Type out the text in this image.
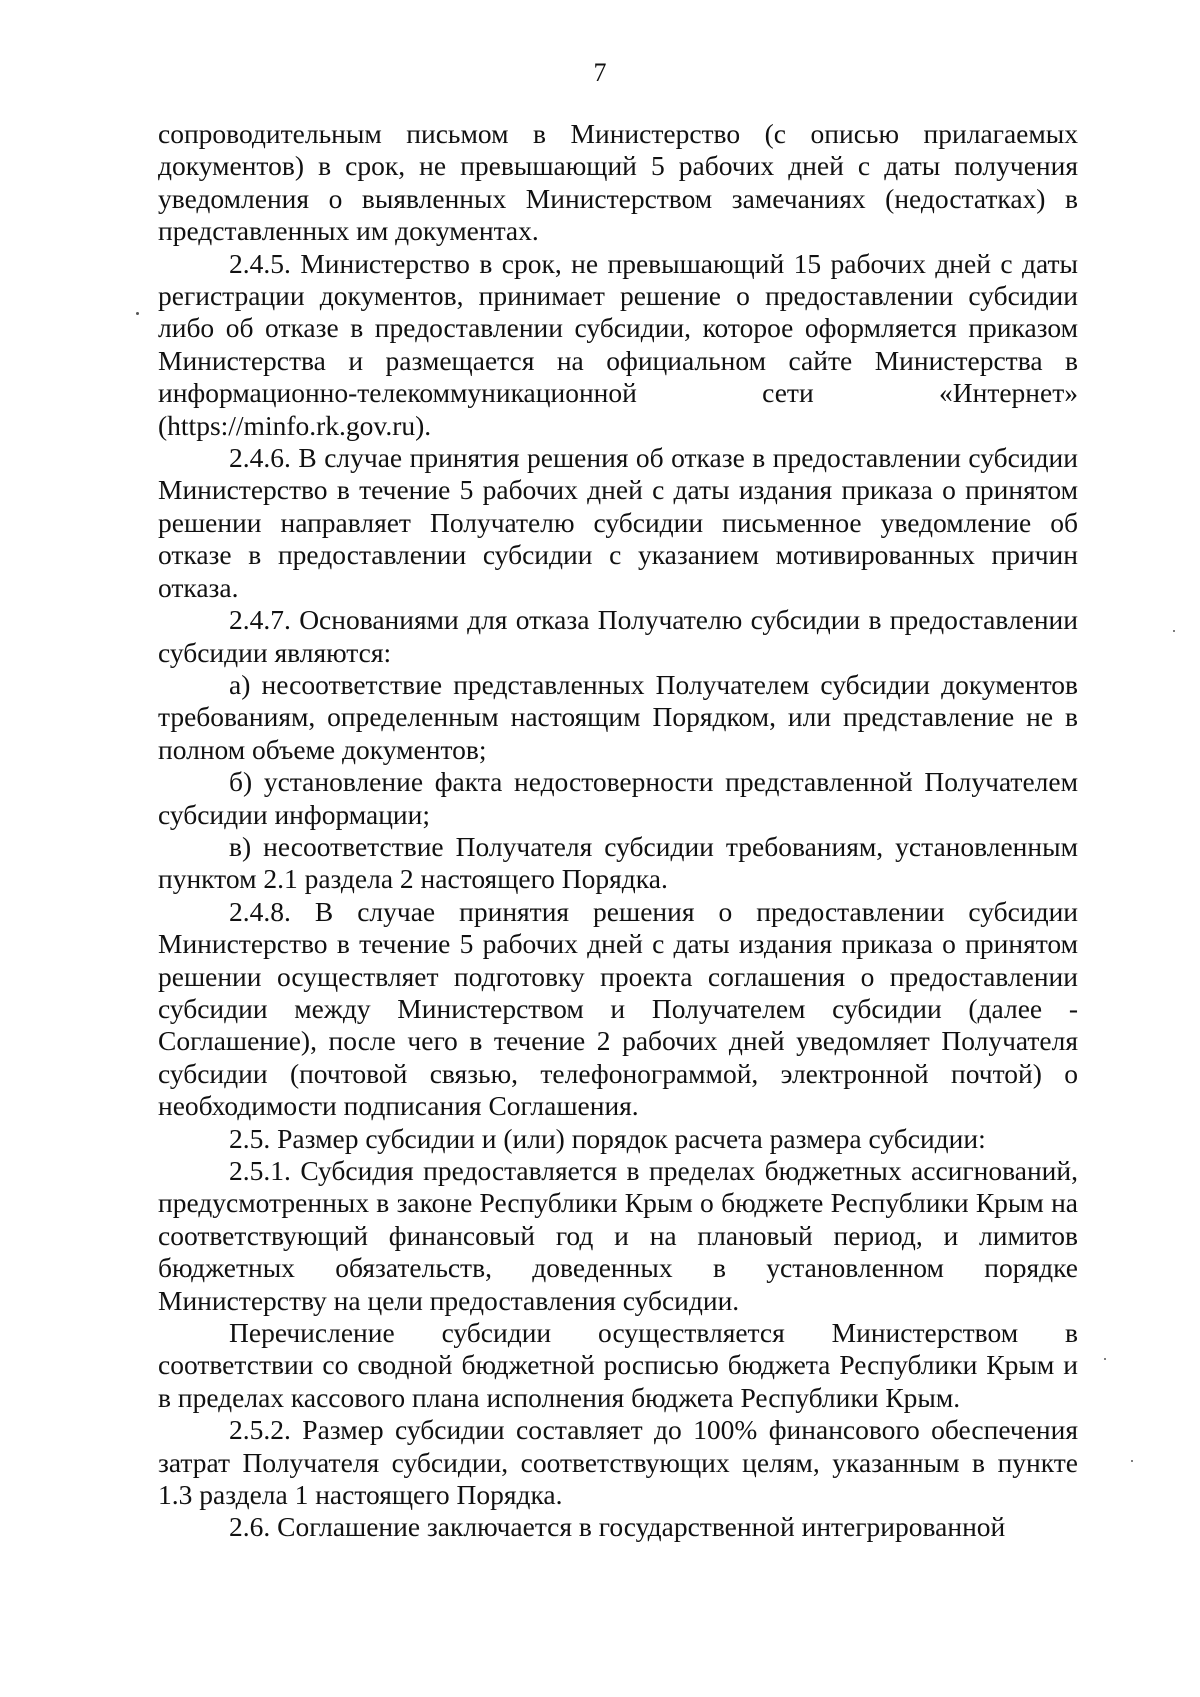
7

сопроводительным письмом в Министерство (с описью прилагаемых документов) в срок, не превышающий 5 рабочих дней с даты получения уведомления о выявленных Министерством замечаниях (недостатках) в представленных им документах.

2.4.5. Министерство в срок, не превышающий 15 рабочих дней с даты регистрации документов, принимает решение о предоставлении субсидии либо об отказе в предоставлении субсидии, которое оформляется приказом Министерства и размещается на официальном сайте Министерства в информационно-телекоммуникационной сети «Интернет» (https://minfo.rk.gov.ru).

2.4.6. В случае принятия решения об отказе в предоставлении субсидии Министерство в течение 5 рабочих дней с даты издания приказа о принятом решении направляет Получателю субсидии письменное уведомление об отказе в предоставлении субсидии с указанием мотивированных причин отказа.

2.4.7. Основаниями для отказа Получателю субсидии в предоставлении субсидии являются:

а) несоответствие представленных Получателем субсидии документов требованиям, определенным настоящим Порядком, или представление не в полном объеме документов;

б) установление факта недостоверности представленной Получателем субсидии информации;

в) несоответствие Получателя субсидии требованиям, установленным пунктом 2.1 раздела 2 настоящего Порядка.

2.4.8. В случае принятия решения о предоставлении субсидии Министерство в течение 5 рабочих дней с даты издания приказа о принятом решении осуществляет подготовку проекта соглашения о предоставлении субсидии между Министерством и Получателем субсидии (далее - Соглашение), после чего в течение 2 рабочих дней уведомляет Получателя субсидии (почтовой связью, телефонограммой, электронной почтой) о необходимости подписания Соглашения.

2.5. Размер субсидии и (или) порядок расчета размера субсидии:

2.5.1. Субсидия предоставляется в пределах бюджетных ассигнований, предусмотренных в законе Республики Крым о бюджете Республики Крым на соответствующий финансовый год и на плановый период, и лимитов бюджетных обязательств, доведенных в установленном порядке Министерству на цели предоставления субсидии.

Перечисление субсидии осуществляется Министерством в соответствии со сводной бюджетной росписью бюджета Республики Крым и в пределах кассового плана исполнения бюджета Республики Крым.

2.5.2. Размер субсидии составляет до 100% финансового обеспечения затрат Получателя субсидии, соответствующих целям, указанным в пункте 1.3 раздела 1 настоящего Порядка.

2.6. Соглашение заключается в государственной интегрированной
